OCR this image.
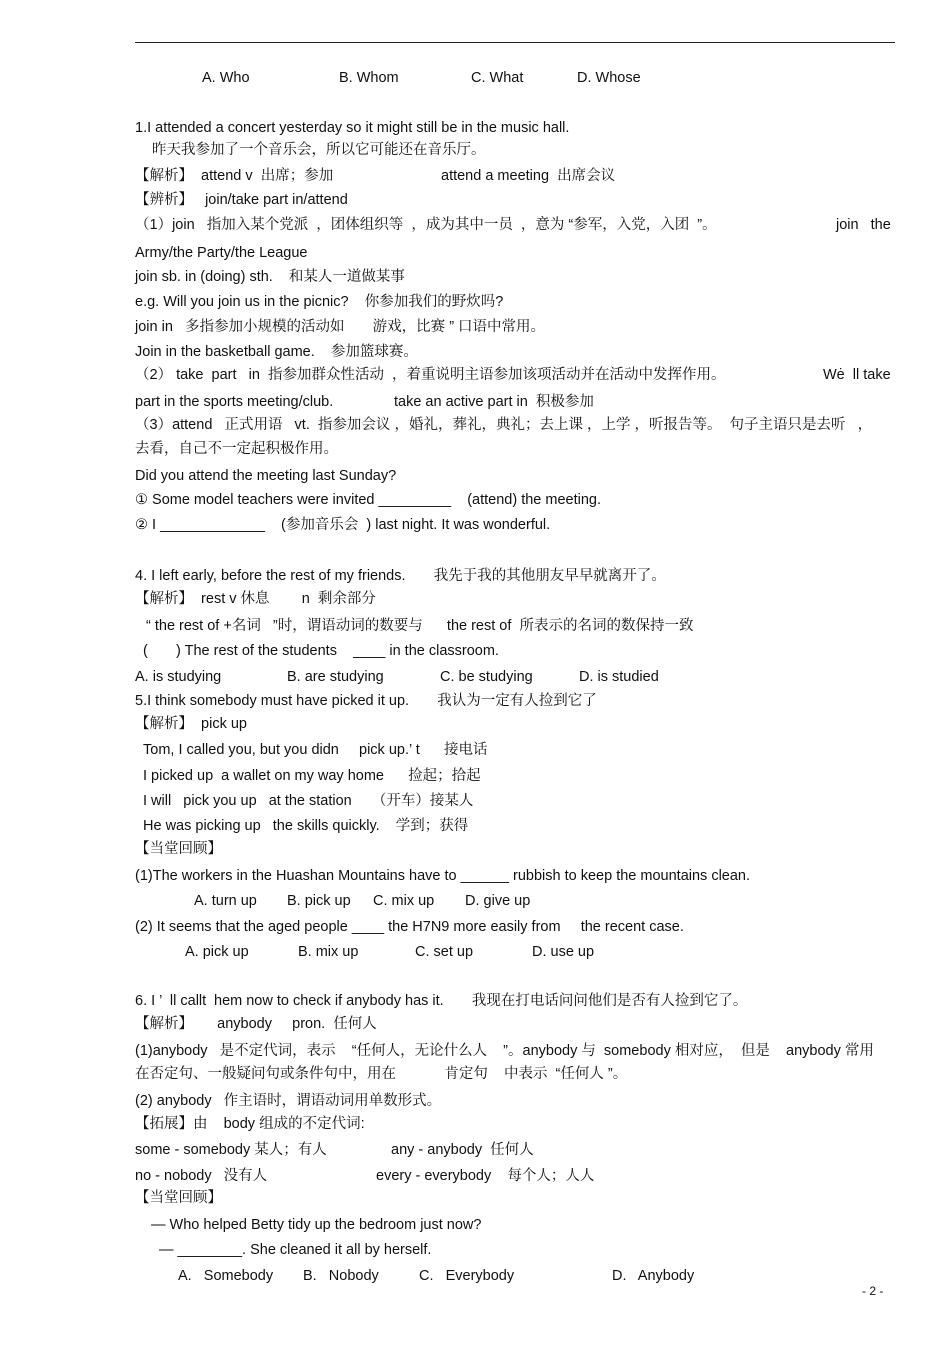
A. Who	B. Whom	C. What	D. Whose
1.I attended a concert yesterday so it might still be in the music hall.
昨天我参加了一个音乐会，所以它可能还在音乐厅。
【解析】  attend v  出席；参加	attend a meeting  出席会议
【辨析】   join/take part in/attend
（1）join   指加入某个党派  ，团体组织等  ，成为其中一员  ，意为 “参军，入党，入团  ”。	join   the
Army/the Party/the League
join sb. in (doing) sth.    和某人一道做某事
e.g. Will you join us in the picnic?    你参加我们的野炊吗?
join in   多指参加小规模的活动如       游戏，比赛 ” 口语中常用。
Join in the basketball game.    参加篮球赛。
（2） take  part   in  指参加群众性活动  ，着重说明主语参加该项活动并在活动中发挥作用。	Wė  ll take
part in the sports meeting/club.	take an active part in  积极参加
（3）attend   正式用语   vt.  指参加会议 ，婚礼，葬礼，典礼；去上课 ，上学 ，听报告等。  句子主语只是去听   ，
去看，自己不一定起积极作用。
Did you attend the meeting last Sunday?
① Some model teachers were invited _________    (attend) the meeting.
② I _____________    (参加音乐会  ) last night. It was wonderful.
4. I left early, before the rest of my friends.       我先于我的其他朋友早早就离开了。
【解析】  rest v 休息        n  剩余部分
“ the rest of +名词   ”时，谓语动词的数要与      the rest of  所表示的名词的数保持一致
(       ) The rest of the students    ____ in the classroom.
A. is studying	B. are studying	C. be studying	D. is studied
5.I think somebody must have picked it up.       我认为一定有人捡到它了
【解析】  pick up
Tom, I called you, but you didn     pick up.’ t 接电话
I picked up  a wallet on my way home      捡起；拾起
I will   pick you up   at the station     （开车）接某人
He was picking up   the skills quickly.    学到；获得
【当堂回顾】
(1)The workers in the Huashan Mountains have to ______ rubbish to keep the mountains clean.
A. turn up B. pick up C. mix up D. give up
(2) It seems that the aged people ____ the H7N9 more easily from     the recent case.
A. pick up	B. mix up	C. set up	D. use up
6. I ’  ll callt hem now to check if anybody has it.       我现在打电话问问他们是否有人捡到它了。
【解析】      anybody     pron.  任何人
(1)anybody   是不定代词，表示    “任何人，无论什么人    ”。anybody 与  somebody 相对应，  但是    anybody 常用
在否定句、一般疑问句或条件句中，用在            肯定句    中表示  “任何人 ”。
(2) anybody   作主语时，谓语动词用单数形式。
【拓展】由    body 组成的不定代词:
some - somebody 某人；有人	any - anybody  任何人
no - nobody   没有人	every - everybody    每个人；人人
【当堂回顾】
— Who helped Betty tidy up the bedroom just now?
— ________. She cleaned it all by herself.
A.   Somebody B.   Nobody	C.   Everybody	D.   Anybody
- 2 -
